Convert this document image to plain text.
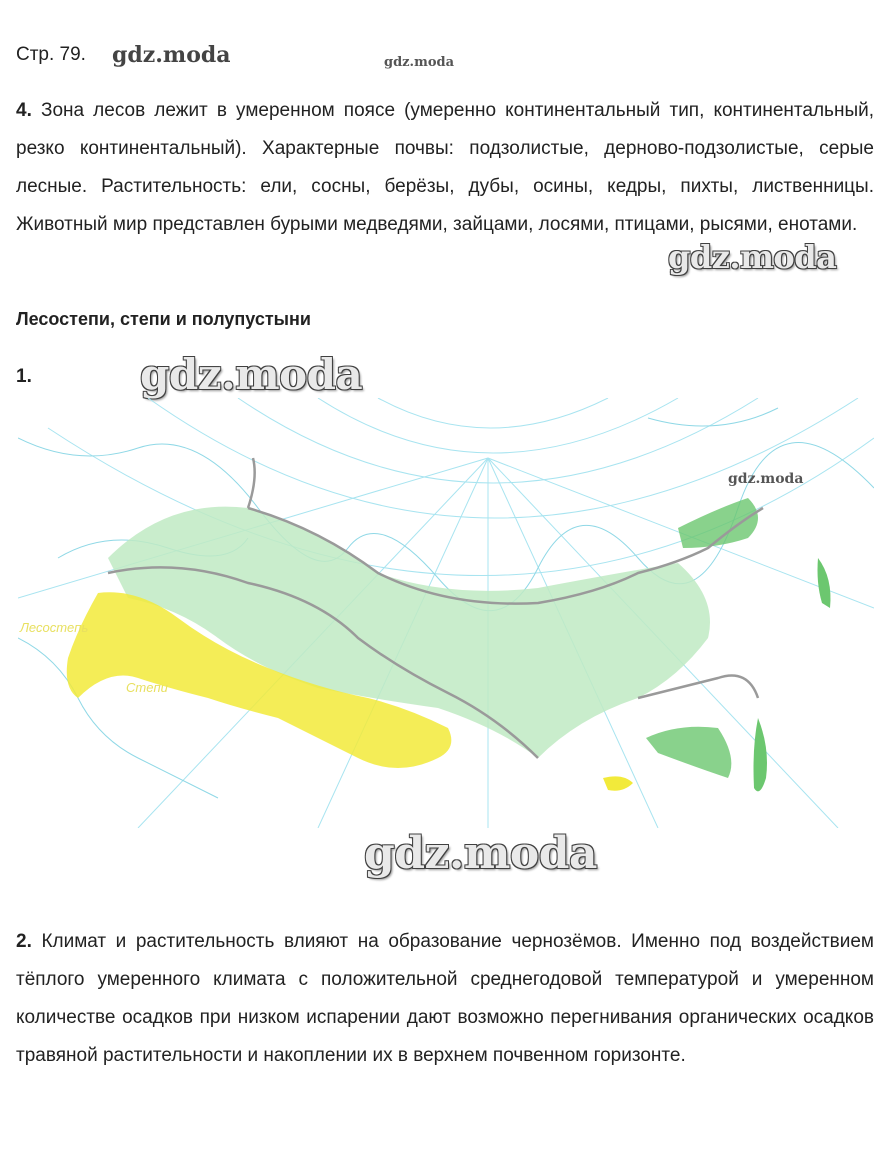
Стр. 79. gdz.moda	gdz.moda
4. Зона лесов лежит в умеренном поясе (умеренно континентальный тип, континентальный, резко континентальный). Характерные почвы: подзолистые, дерново-подзолистые, серые лесные. Растительность: ели, сосны, берёзы, дубы, осины, кедры, пихты, лиственницы. Животный мир представлен бурыми медведями, зайцами, лосями, птицами, рысями, енотами.
gdz.moda
Лесостепи, степи и полупустыни
1.	gdz.moda
Лесостепь
Степи
gdz.moda
gdz.moda
2. Климат и растительность влияют на образование чернозёмов. Именно под воздействием тёплого умеренного климата с положительной среднегодовой температурой и умеренном количестве осадков при низком испарении дают возможно перегнивания органических осадков травяной растительности и накоплении их в верхнем почвенном горизонте.
